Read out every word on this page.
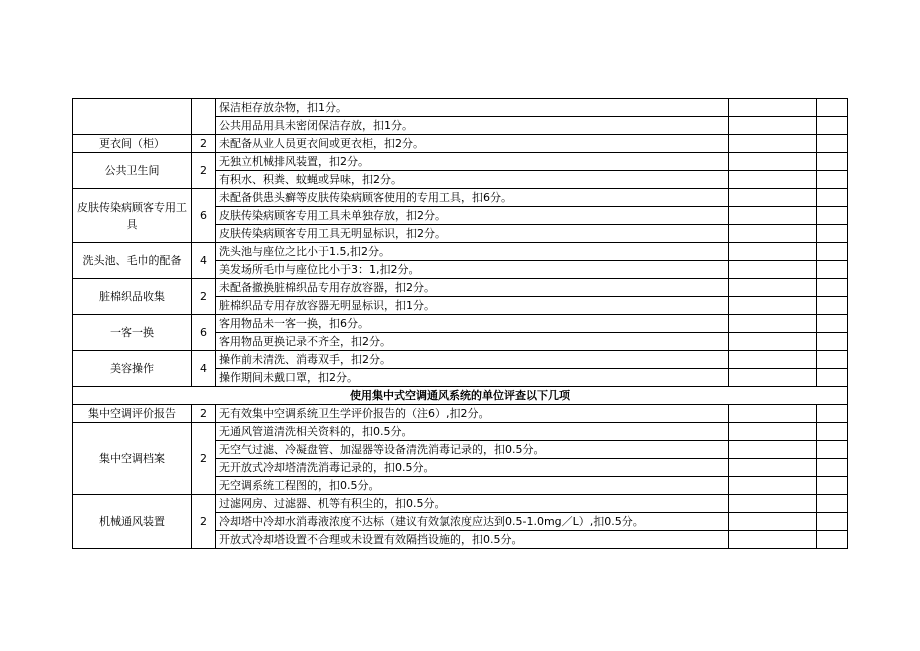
		保洁柜存放杂物，扣1分。		
		公共用品用具未密闭保洁存放，扣1分。		
更衣间（柜）	2	未配备从业人员更衣间或更衣柜，扣2分。		
公共卫生间	2	无独立机械排风装置，扣2分。		
		有积水、积粪、蚊蝇或异味，扣2分。		
皮肤传染病顾客专用工具	6	未配备供患头癣等皮肤传染病顾客使用的专用工具，扣6分。		
		皮肤传染病顾客专用工具未单独存放，扣2分。		
		皮肤传染病顾客专用工具无明显标识，扣2分。		
洗头池、毛巾的配备	4	洗头池与座位之比小于1.5,扣2分。		
		美发场所毛巾与座位比小于3：1,扣2分。		
脏棉织品收集	2	未配备撤换脏棉织品专用存放容器，扣2分。		
		脏棉织品专用存放容器无明显标识，扣1分。		
一客一换	6	客用物品未一客一换，扣6分。		
		客用物品更换记录不齐全，扣2分。		
美容操作	4	操作前未清洗、消毒双手，扣2分。		
		操作期间未戴口罩，扣2分。		
使用集中式空调通风系统的单位评查以下几项				
集中空调评价报告	2	无有效集中空调系统卫生学评价报告的（注6）,扣2分。		
集中空调档案	2	无通风管道清洗相关资料的，扣0.5分。		
		无空气过滤、冷凝盘管、加湿器等设备清洗消毒记录的，扣0.5分。		
		无开放式冷却塔清洗消毒记录的，扣0.5分。		
		无空调系统工程图的，扣0.5分。		
机械通风装置	2	过滤网房、过滤器、机等有积尘的，扣0.5分。		
		冷却塔中冷却水消毒液浓度不达标（建议有效氯浓度应达到0.5-1.0mg／L）,扣0.5分。		
		开放式冷却塔设置不合理或未设置有效隔挡设施的，扣0.5分。		
